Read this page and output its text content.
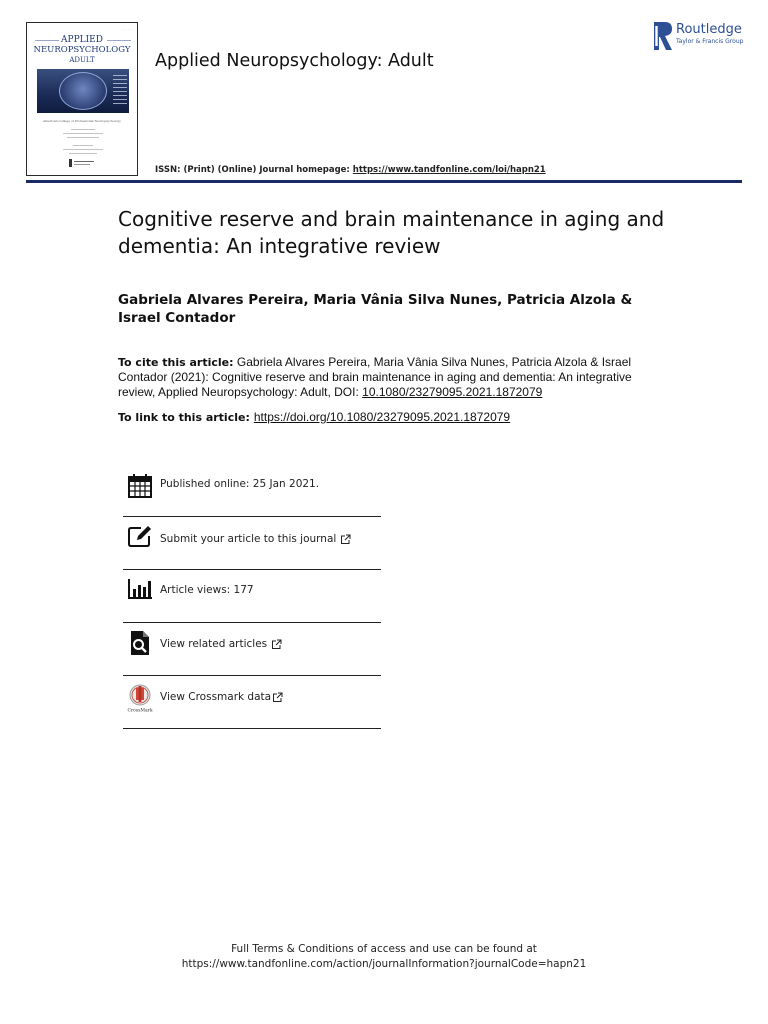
· · · · · ·
APPLIED
NEUROPSYCHOLOGY
ADULT
American College of Professional Neuropsychology
Applied Neuropsychology: Adult
ISSN: (Print) (Online) Journal homepage: https://www.tandfonline.com/loi/hapn21
Routledge
Taylor & Francis Group
Cognitive reserve and brain maintenance in aging and dementia: An integrative review
Gabriela Alvares Pereira, Maria Vânia Silva Nunes, Patricia Alzola & Israel Contador
To cite this article: Gabriela Alvares Pereira, Maria Vânia Silva Nunes, Patricia Alzola & Israel Contador (2021): Cognitive reserve and brain maintenance in aging and dementia: An integrative review, Applied Neuropsychology: Adult, DOI: 10.1080/23279095.2021.1872079
To link to this article: https://doi.org/10.1080/23279095.2021.1872079
Published online: 25 Jan 2021.
Submit your article to this journal
Article views: 177
View related articles
CrossMark
View Crossmark data
Full Terms & Conditions of access and use can be found at
https://www.tandfonline.com/action/journalInformation?journalCode=hapn21
